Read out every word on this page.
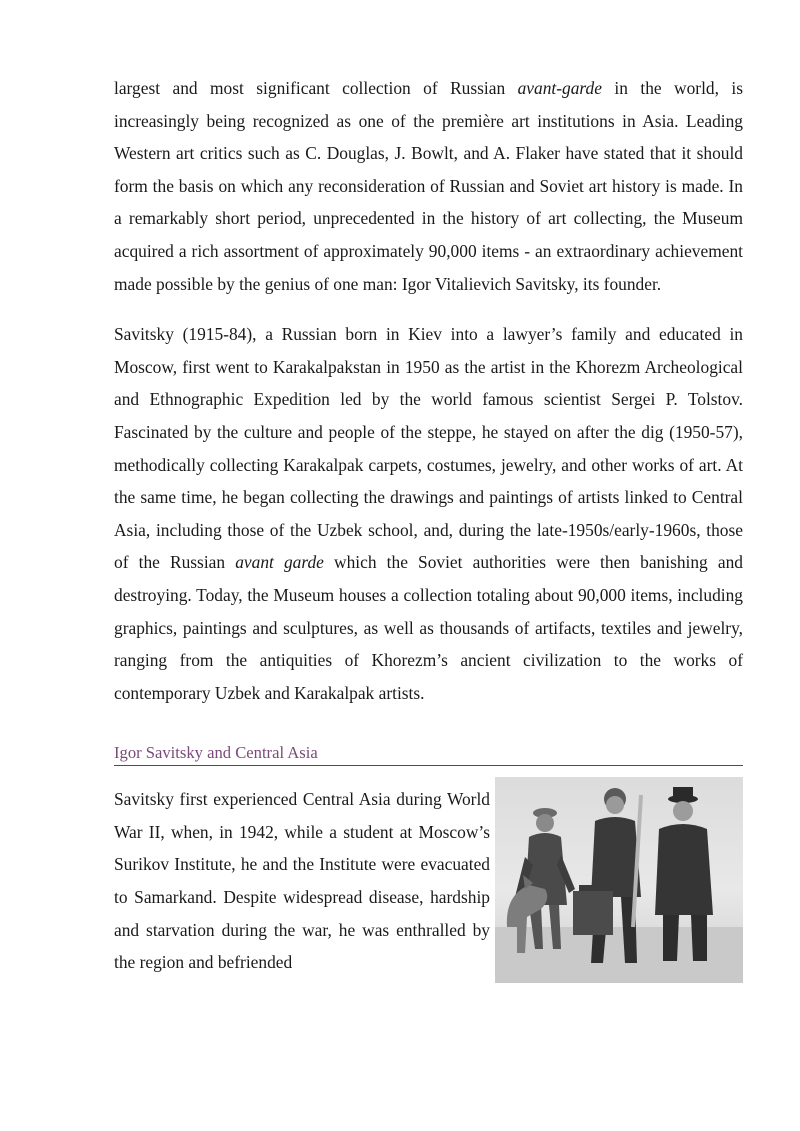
largest and most significant collection of Russian avant-garde in the world, is increasingly being recognized as one of the première art institutions in Asia. Leading Western art critics such as C. Douglas, J. Bowlt, and A. Flaker have stated that it should form the basis on which any reconsideration of Russian and Soviet art history is made. In a remarkably short period, unprecedented in the history of art collecting, the Museum acquired a rich assortment of approximately 90,000 items - an extraordinary achievement made possible by the genius of one man: Igor Vitalievich Savitsky, its founder.

Savitsky (1915-84), a Russian born in Kiev into a lawyer’s family and educated in Moscow, first went to Karakalpakstan in 1950 as the artist in the Khorezm Archeological and Ethnographic Expedition led by the world famous scientist Sergei P. Tolstov. Fascinated by the culture and people of the steppe, he stayed on after the dig (1950-57), methodically collecting Karakalpak carpets, costumes, jewelry, and other works of art. At the same time, he began collecting the drawings and paintings of artists linked to Central Asia, including those of the Uzbek school, and, during the late-1950s/early-1960s, those of the Russian avant garde which the Soviet authorities were then banishing and destroying. Today, the Museum houses a collection totaling about 90,000 items, including graphics, paintings and sculptures, as well as thousands of artifacts, textiles and jewelry, ranging from the antiquities of Khorezm’s ancient civilization to the works of contemporary Uzbek and Karakalpak artists.

Igor Savitsky and Central Asia

Savitsky first experienced Central Asia during World War II, when, in 1942, while a student at Moscow’s Surikov Institute, he and the Institute were evacuated to Samarkand. Despite widespread disease, hardship and starvation during the war, he was enthralled by the region and befriended
